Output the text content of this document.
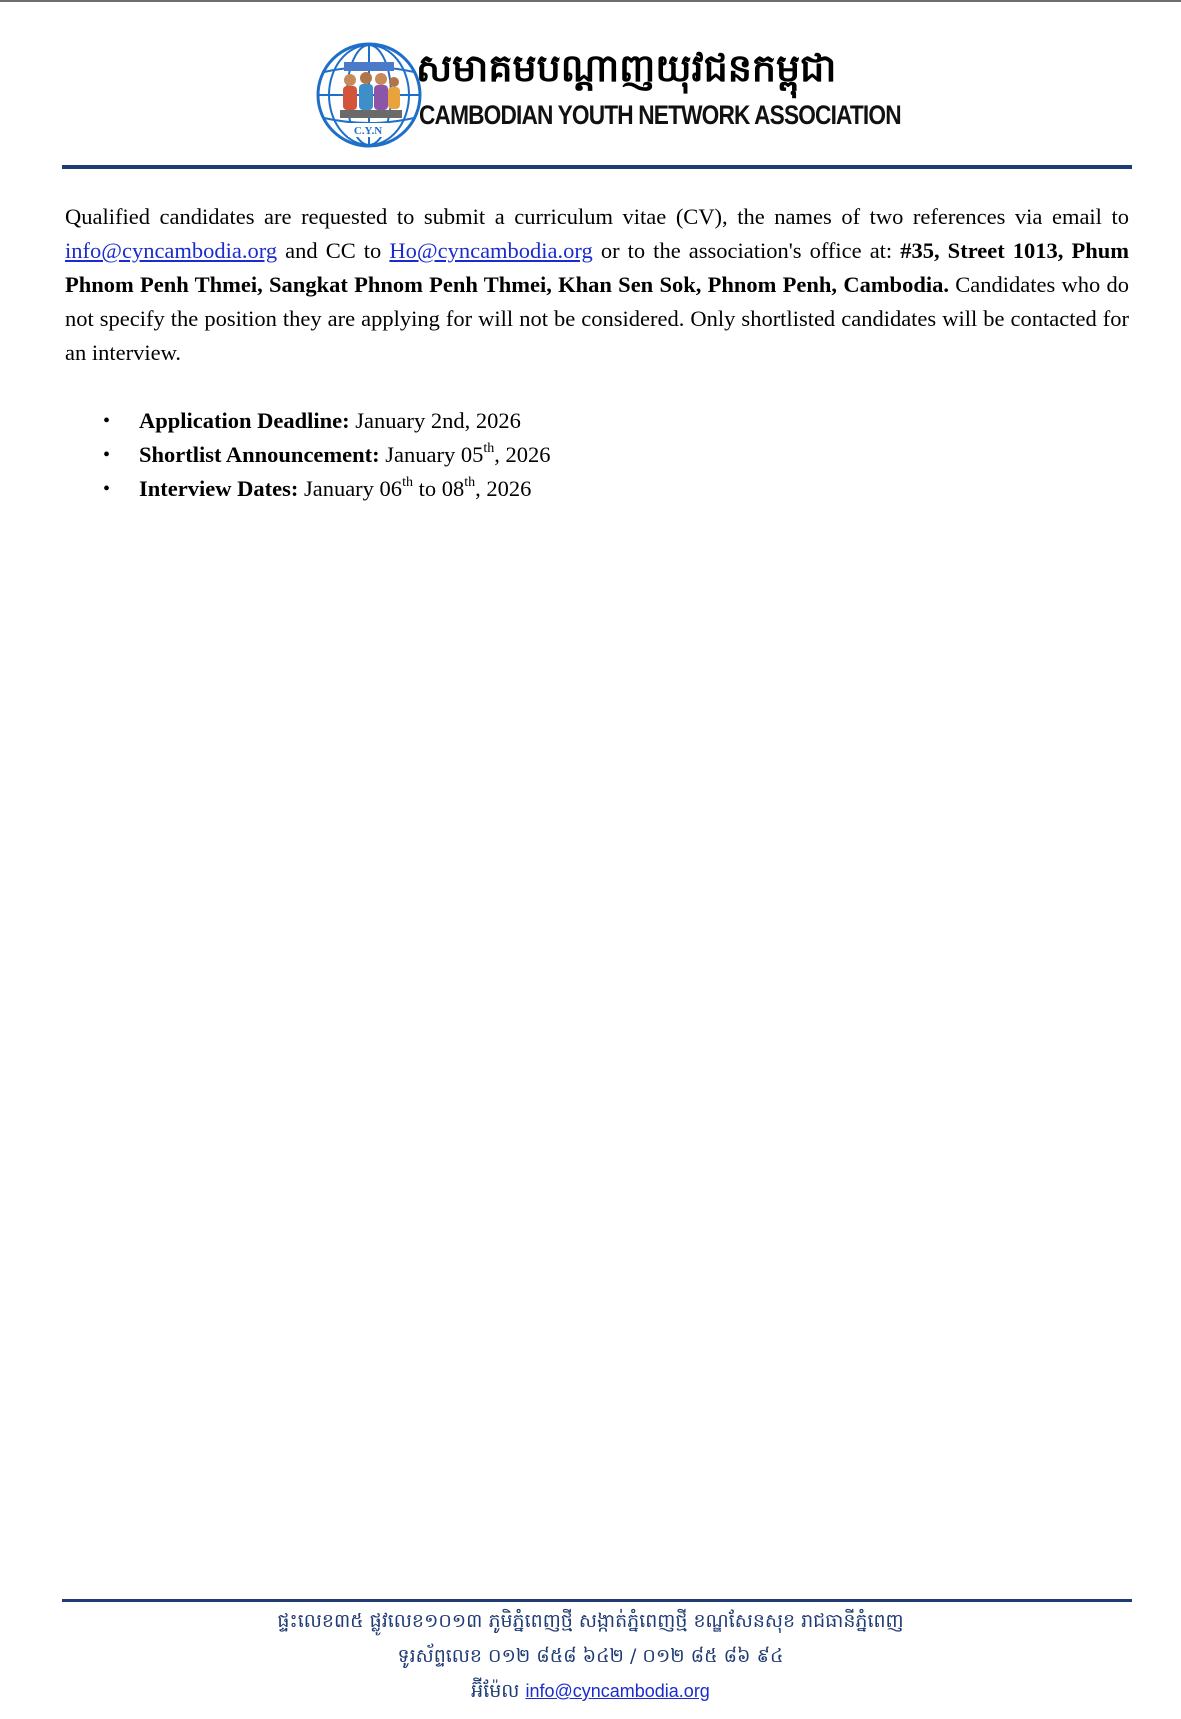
C.Y.N
សមាគមបណ្ដាញយុវជនកម្ពុជា
CAMBODIAN YOUTH NETWORK ASSOCIATION

Qualified candidates are requested to submit a curriculum vitae (CV), the names of two references via email to info@cyncambodia.org and CC to Ho@cyncambodia.org or to the association's office at: #35, Street 1013, Phum Phnom Penh Thmei, Sangkat Phnom Penh Thmei, Khan Sen Sok, Phnom Penh, Cambodia. Candidates who do not specify the position they are applying for will not be considered. Only shortlisted candidates will be contacted for an interview.

• Application Deadline: January 2nd, 2026
• Shortlist Announcement: January 05th, 2026
• Interview Dates: January 06th to 08th, 2026
ផ្ទះលេខ៣៥ ផ្លូវលេខ១០១៣ ភូមិភ្នំពេញថ្មី សង្កាត់ភ្នំពេញថ្មី ខណ្ឌសែនសុខ រាជធានីភ្នំពេញ
ទូរស័ព្ទលេខ ០១២ ៨៥៨ ៦៤២ / ០១២ ៨៥ ៨៦ ៩៤
អ៊ីម៉ែល info@cyncambodia.org
